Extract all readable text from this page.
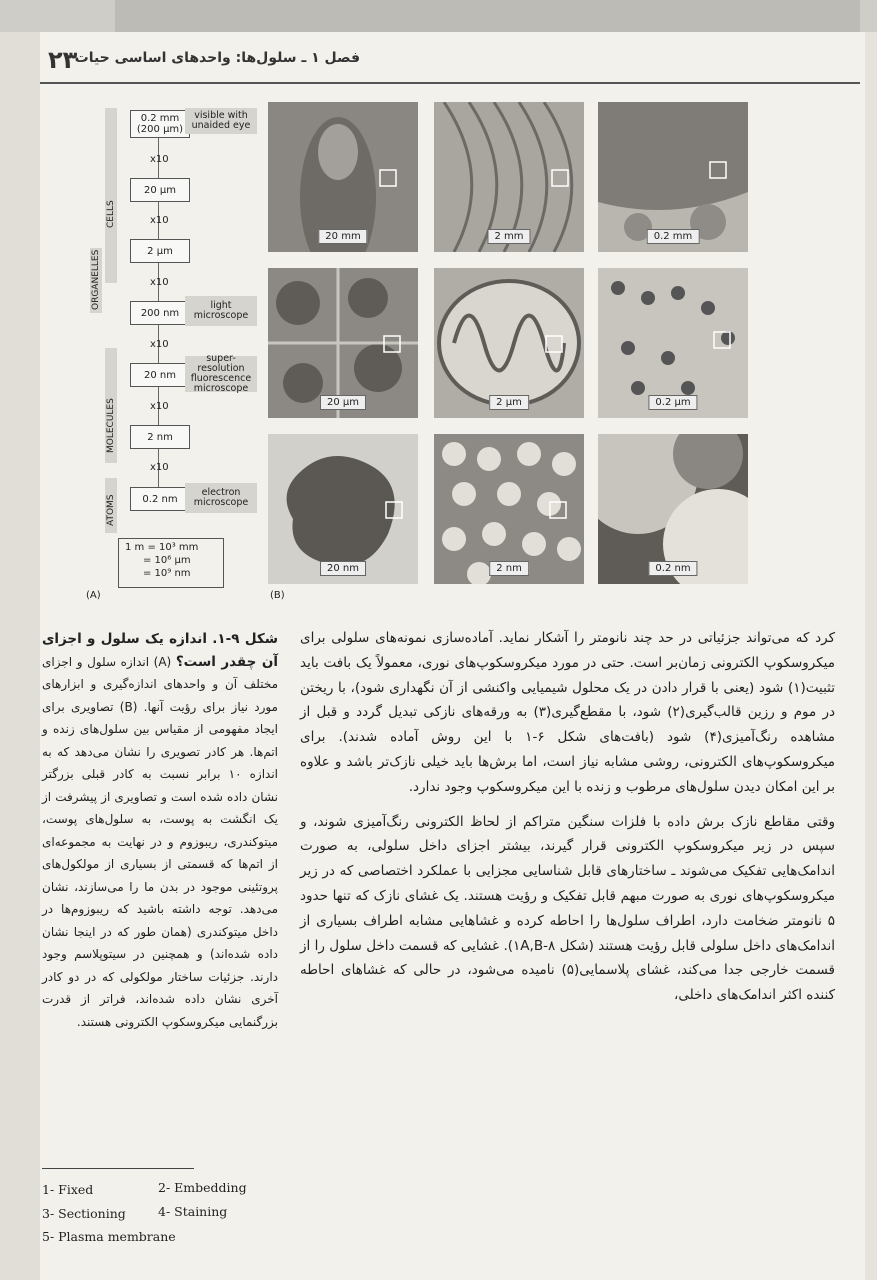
۲۳
فصل ۱ ـ سلول‌ها: واحدهای اساسی حیات
CELLS
ORGANELLES
MOLECULES
ATOMS
0.2 mm (200 µm)
visible with unaided eye
x10
20 µm
x10
2 µm
x10
200 nm
light microscope
x10
20 nm
super-resolution fluorescence microscope
x10
2 nm
x10
0.2 nm
electron microscope
1 m = 10³ mm
= 10⁶ µm
= 10⁹ nm
(A)	(B)
20 mm	2 mm	0.2 mm
20 µm	2 µm	0.2 µm
20 nm	2 nm	0.2 nm
شکل ۹-۱. اندازه یک سلول و اجزای آن چقدر است؟ (A) اندازه سلول و اجزای مختلف آن و واحدهای اندازه‌گیری و ابزارهای مورد نیاز برای رؤیت آنها. (B) تصاویری برای ایجاد مفهومی از مقیاس بین سلول‌های زنده و اتم‌ها. هر کادر تصویری را نشان می‌دهد که به اندازه ۱۰ برابر نسبت به کادر قبلی بزرگتر نشان داده شده است و تصاویری از پیشرفت از یک انگشت به پوست، به سلول‌های پوست، میتوکندری، ریبوزوم و در نهایت به مجموعه‌ای از اتم‌ها که قسمتی از بسیاری از مولکول‌های پروتئینی موجود در بدن ما را می‌سازند، نشان می‌دهد. توجه داشته باشید که ریبوزوم‌ها در داخل میتوکندری (همان طور که در اینجا نشان داده شده‌اند) و همچنین در سیتوپلاسم وجود دارند. جزئیات ساختار مولکولی که در دو کادر آخری نشان داده شده‌اند، فراتر از قدرت بزرگنمایی میکروسکوپ الکترونی هستند.

کرد که می‌تواند جزئیاتی در حد چند نانومتر را آشکار نماید. آماده‌سازی نمونه‌های سلولی برای میکروسکوپ الکترونی زمان‌بر است. حتی در مورد میکروسکوپ‌های نوری، معمولاً یک بافت باید تثبیت(۱) شود (یعنی با قرار دادن در یک محلول شیمیایی واکنشی از آن نگهداری شود)، با ریختن در موم و رزین قالب‌گیری(۲) شود، با مقطع‌گیری(۳) به ورقه‌های نازکی تبدیل گردد و قبل از مشاهده رنگ‌آمیزی(۴) شود (بافت‌های شکل ۶-۱ با این روش آماده شدند). برای میکروسکوپ‌های الکترونی، روشی مشابه نیاز است، اما برش‌ها باید خیلی نازک‌تر باشد و علاوه بر این امکان دیدن سلول‌های مرطوب و زنده با این میکروسکوپ وجود ندارد.

وقتی مقاطع نازک برش داده با فلزات سنگین متراکم از لحاظ الکترونی رنگ‌آمیزی شوند، و سپس در زیر میکروسکوپ الکترونی قرار گیرند، بیشتر اجزای داخل سلولی، به صورت اندامک‌هایی تفکیک می‌شوند ـ ساختارهای قابل شناسایی مجزایی با عملکرد اختصاصی که در زیر میکروسکوپ‌های نوری به صورت مبهم قابل تفکیک و رؤیت هستند. یک غشای نازک که تنها حدود ۵ نانومتر ضخامت دارد، اطراف سلول‌ها را احاطه کرده و غشاهایی مشابه اطراف بسیاری از اندامک‌های داخل سلولی قابل رؤیت هستند (شکل ۸-۱A,B). غشایی که قسمت داخل سلول را از قسمت خارجی جدا می‌کند، غشای پلاسمایی(۵) نامیده می‌شود، در حالی که غشاهای احاطه کننده اکثر اندامک‌های داخلی،

1- Fixed	2- Embedding
3- Sectioning	4- Staining
5- Plasma membrane
